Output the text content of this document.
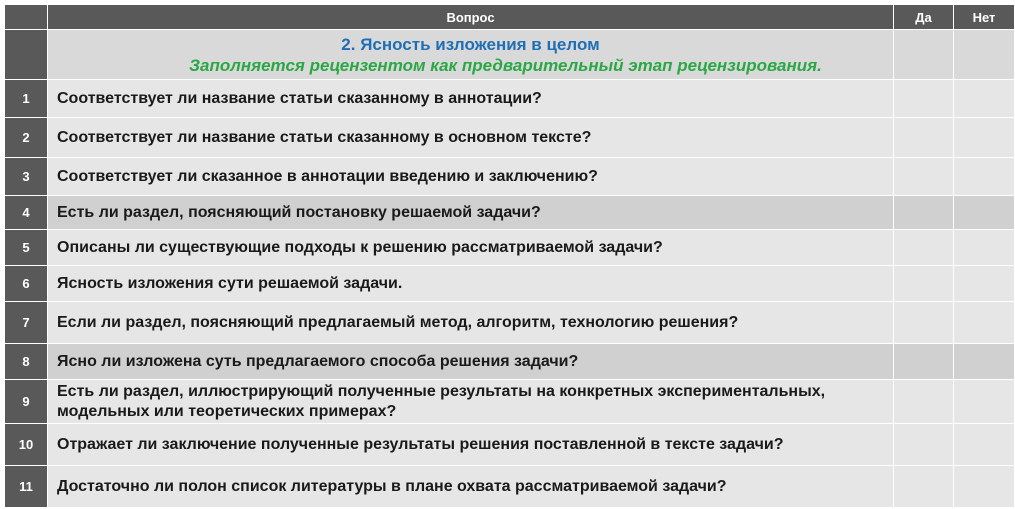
	Вопрос	Да	Нет

	2. Ясность изложения в целом
Заполняется рецензентом как предварительный этап рецензирования.		

1	Соответствует ли название статьи сказанному в аннотации?		
2	Соответствует ли название статьи сказанному в основном тексте?		
3	Соответствует ли сказанное в аннотации введению и заключению?		
4	Есть ли раздел, поясняющий постановку решаемой задачи?		
5	Описаны ли существующие подходы к решению рассматриваемой задачи?		
6	Ясность изложения сути решаемой задачи.		
7	Если ли раздел, поясняющий предлагаемый метод, алгоритм, технологию решения?		
8	Ясно ли изложена суть предлагаемого способа решения задачи?		
9	Есть ли раздел, иллюстрирующий полученные результаты на конкретных экспериментальных, модельных или теоретических примерах?		
10	Отражает ли заключение полученные результаты решения поставленной в тексте задачи?		
11	Достаточно ли полон список литературы в плане охвата рассматриваемой задачи?		
